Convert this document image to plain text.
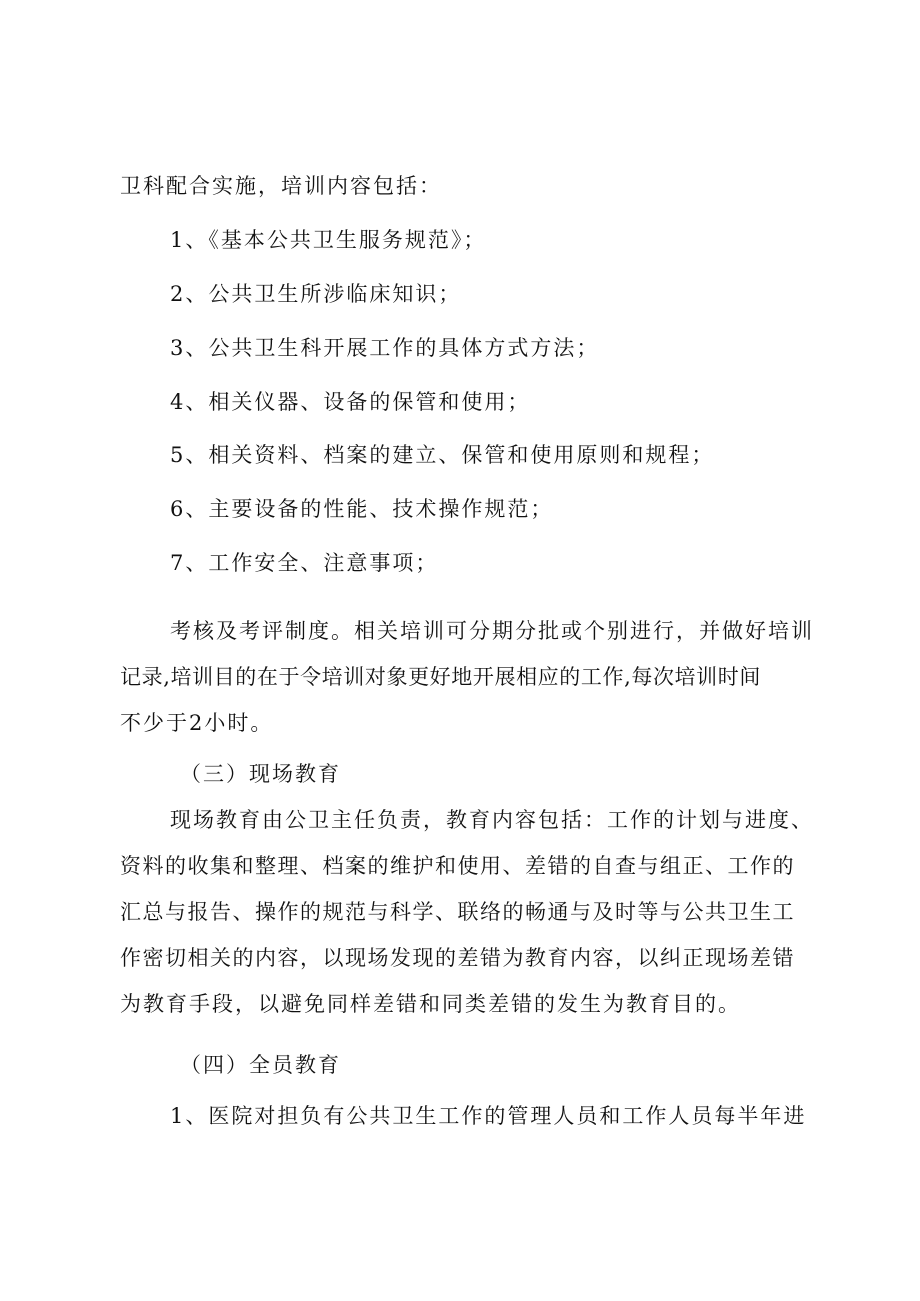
卫科配合实施，培训内容包括：

1、《基本公共卫生服务规范》；

2、公共卫生所涉临床知识；

3、公共卫生科开展工作的具体方式方法；

4、相关仪器、设备的保管和使用；

5、相关资料、档案的建立、保管和使用原则和规程；

6、主要设备的性能、技术操作规范；

7、工作安全、注意事项；

考核及考评制度。相关培训可分期分批或个别进行，并做好培训

记录,培训目的在于令培训对象更好地开展相应的工作,每次培训时间

不少于2小时。

（三）现场教育

现场教育由公卫主任负责，教育内容包括：工作的计划与进度、

资料的收集和整理、档案的维护和使用、差错的自查与组正、工作的

汇总与报告、操作的规范与科学、联络的畅通与及时等与公共卫生工

作密切相关的内容，以现场发现的差错为教育内容，以纠正现场差错

为教育手段，以避免同样差错和同类差错的发生为教育目的。

（四）全员教育

1、医院对担负有公共卫生工作的管理人员和工作人员每半年进
